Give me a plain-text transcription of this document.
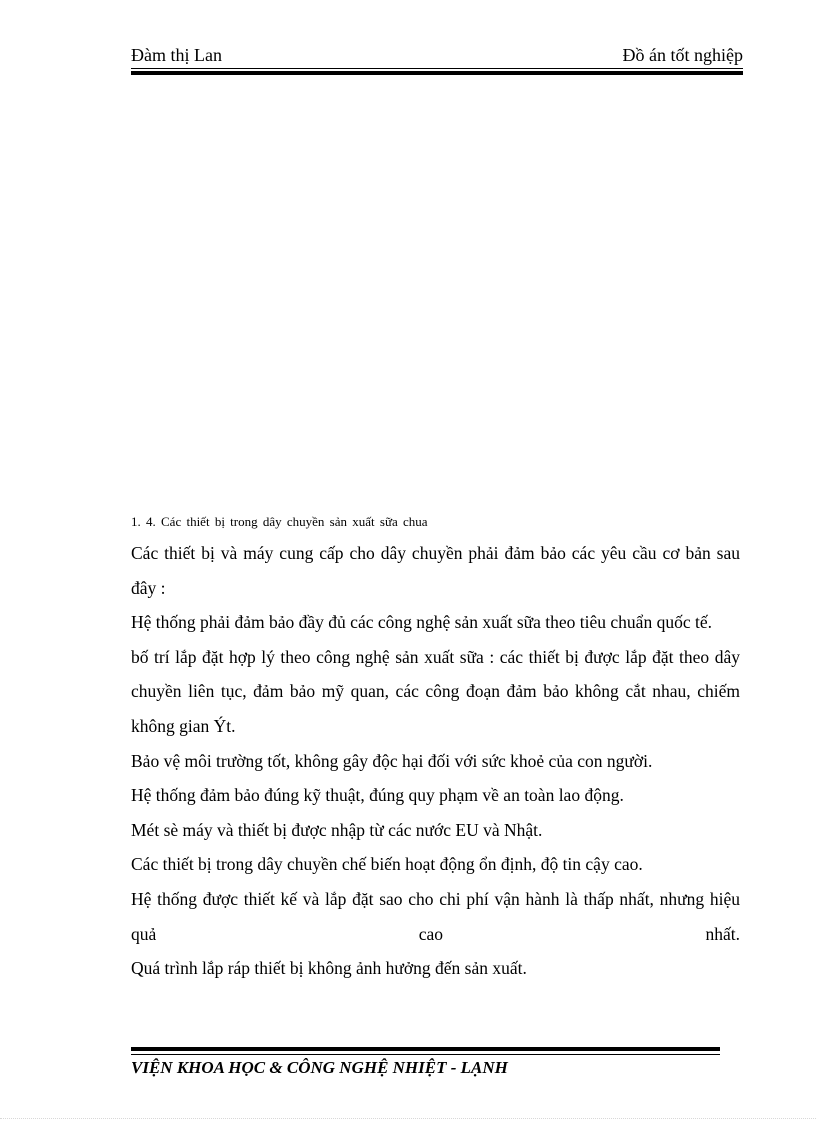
Đàm thị Lan	Đồ án tốt nghiệp

1. 4. Các thiết bị trong dây chuyền sản xuất sữa chua

Các thiết bị và máy cung cấp cho dây chuyền phải đảm bảo các yêu cầu cơ bản sau đây :

Hệ thống phải đảm bảo đầy đủ các công nghệ sản xuất sữa theo tiêu chuẩn quốc tế.

bố trí lắp đặt hợp lý theo công nghệ sản xuất sữa : các thiết bị được lắp đặt theo dây chuyền liên tục, đảm bảo mỹ quan, các công đoạn đảm bảo không cắt nhau, chiếm không gian Ýt.

Bảo vệ môi trường tốt, không gây độc hại đối với sức khoẻ của con người.

Hệ thống đảm bảo đúng kỹ thuật, đúng quy phạm về an toàn lao động.

Mét sè máy và thiết bị được nhập từ các nước EU và Nhật.

Các thiết bị trong dây chuyền chế biến hoạt động ổn định, độ tin cậy cao.

Hệ thống được thiết kế và lắp đặt sao cho chi phí vận hành là thấp nhất, nhưng hiệu quả cao nhất.

Quá trình lắp ráp thiết bị không ảnh hưởng đến sản xuất.

VIỆN KHOA HỌC & CÔNG NGHỆ NHIỆT - LẠNH
